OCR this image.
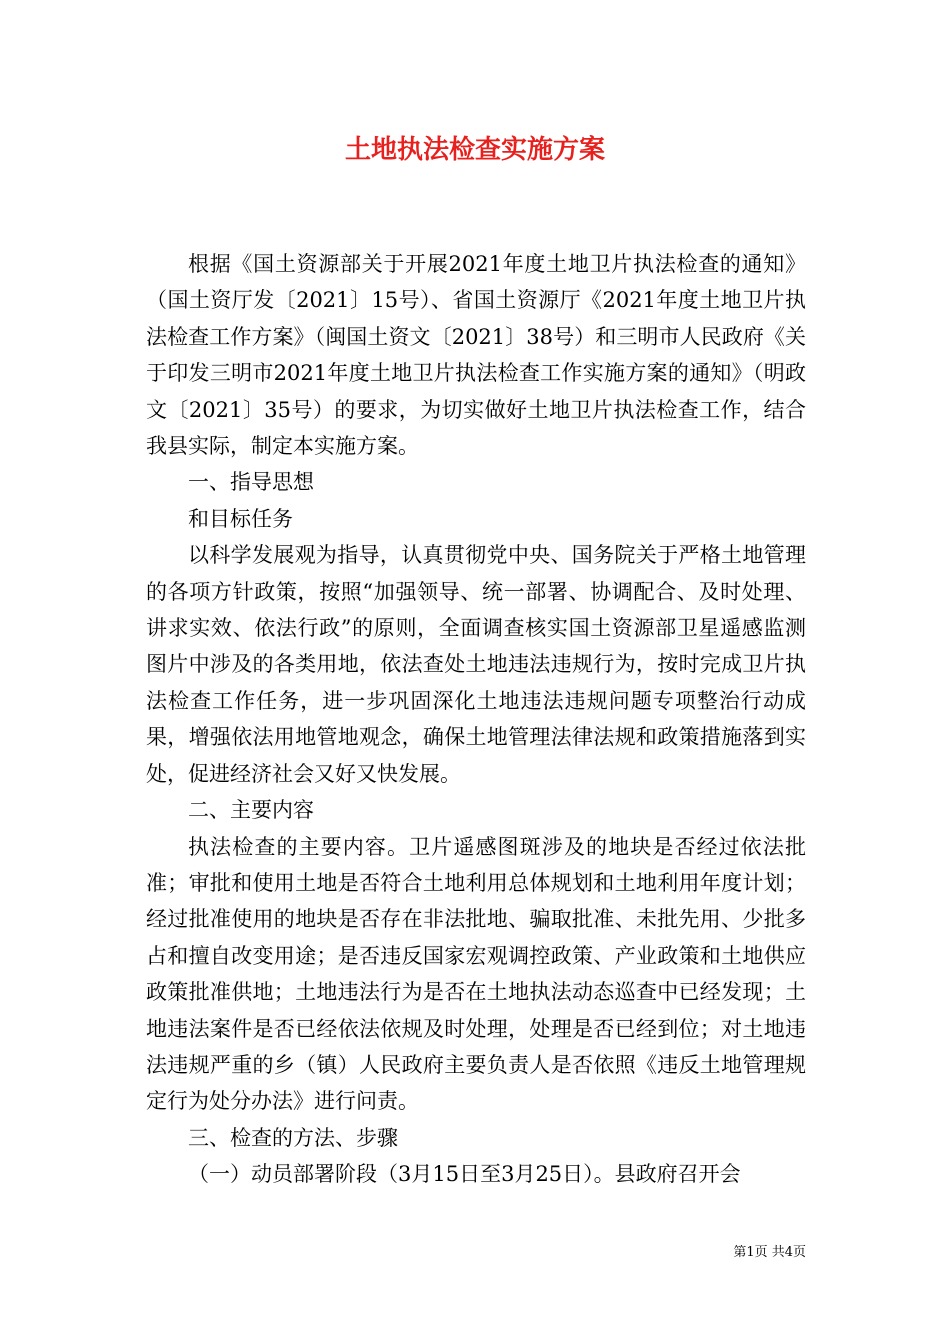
土地执法检查实施方案

根据《国土资源部关于开展2021年度土地卫片执法检查的通知》（国土资厅发〔2021〕15号）、省国土资源厅《2021年度土地卫片执法检查工作方案》（闽国土资文〔2021〕38号）和三明市人民政府《关于印发三明市2021年度土地卫片执法检查工作实施方案的通知》（明政文〔2021〕35号）的要求，为切实做好土地卫片执法检查工作，结合我县实际，制定本实施方案。

一、指导思想

和目标任务

以科学发展观为指导，认真贯彻党中央、国务院关于严格土地管理的各项方针政策，按照“加强领导、统一部署、协调配合、及时处理、讲求实效、依法行政”的原则，全面调查核实国土资源部卫星遥感监测图片中涉及的各类用地，依法查处土地违法违规行为，按时完成卫片执法检查工作任务，进一步巩固深化土地违法违规问题专项整治行动成果，增强依法用地管地观念，确保土地管理法律法规和政策措施落到实处，促进经济社会又好又快发展。

二、主要内容

执法检查的主要内容。卫片遥感图斑涉及的地块是否经过依法批准；审批和使用土地是否符合土地利用总体规划和土地利用年度计划；经过批准使用的地块是否存在非法批地、骗取批准、未批先用、少批多占和擅自改变用途；是否违反国家宏观调控政策、产业政策和土地供应政策批准供地；土地违法行为是否在土地执法动态巡查中已经发现；土地违法案件是否已经依法依规及时处理，处理是否已经到位；对土地违法违规严重的乡（镇）人民政府主要负责人是否依照《违反土地管理规定行为处分办法》进行问责。

三、检查的方法、步骤

（一）动员部署阶段（3月15日至3月25日）。县政府召开会

第1页 共4页
